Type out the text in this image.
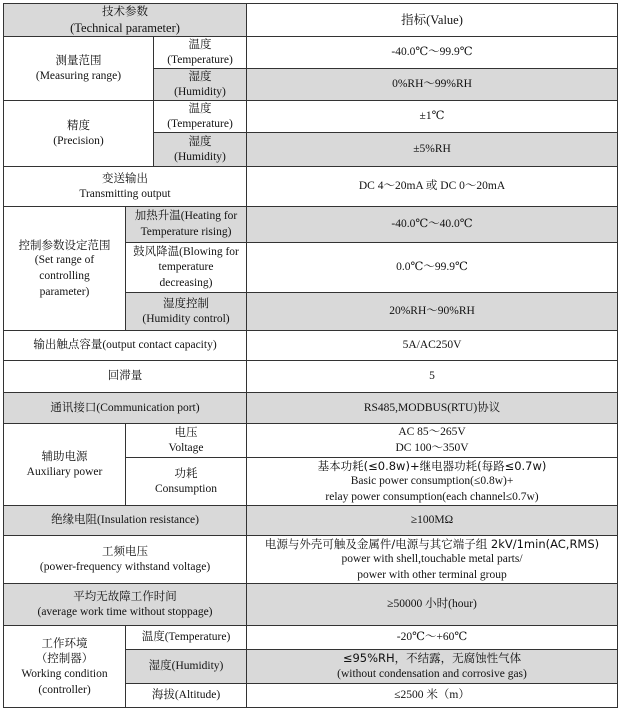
技术参数
(Technical parameter)			指标(Value)

测量范围
(Measuring range)		温度
(Temperature)	-40.0℃～99.9℃

		湿度
(Humidity)	0%RH～99%RH

精度
(Precision)		温度
(Temperature)	±1℃

		湿度
(Humidity)	±5%RH

变送输出
Transmitting output			DC 4～20mA 或 DC 0～20mA

控制参数设定范围
(Set range of
controlling
parameter)	加热升温(Heating for
Temperature rising)		-40.0℃～40.0℃

	鼓风降温(Blowing for
temperature
decreasing)		0.0℃～99.9℃

	湿度控制
(Humidity control)		20%RH～90%RH
输出触点容量(output contact capacity)			5A/AC250V
回滞量			5
通讯接口(Communication port)			RS485,MODBUS(RTU)协议

辅助电源
Auxiliary power	电压
Voltage		AC 85～265V
DC 100～350V

	功耗
Consumption		基本功耗(≤0.8w)+继电器功耗(每路≤0.7w)
Basic power consumption(≤0.8w)+
relay power consumption(each channel≤0.7w)

绝缘电阻(Insulation resistance)			≥100MΩ

工频电压
(power-frequency withstand voltage)			电源与外壳可触及金属件/电源与其它端子组 2kV/1min(AC,RMS)
power with shell,touchable metal parts/
power with other terminal group

平均无故障工作时间
(average work time without stoppage)			≥50000 小时(hour)

工作环境
（控制器）
Working condition
(controller)	温度(Temperature)		-20℃～+60℃
	湿度(Humidity)		≤95%RH，不结露，无腐蚀性气体
(without condensation and corrosive gas)

	海拔(Altitude)		≤2500 米（m）
